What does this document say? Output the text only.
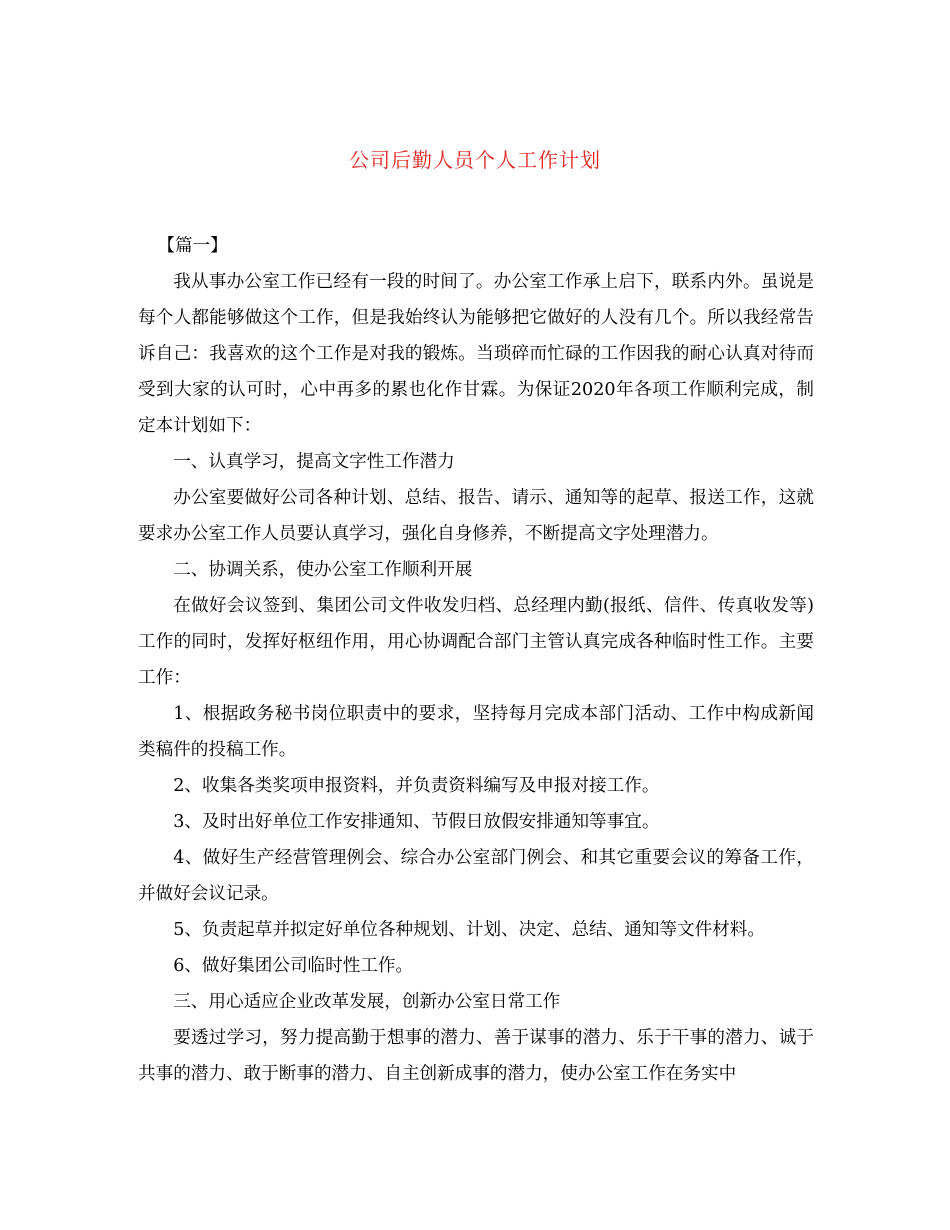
公司后勤人员个人工作计划

【篇一】

我从事办公室工作已经有一段的时间了。办公室工作承上启下，联系内外。虽说是每个人都能够做这个工作，但是我始终认为能够把它做好的人没有几个。所以我经常告诉自己：我喜欢的这个工作是对我的锻炼。当琐碎而忙碌的工作因我的耐心认真对待而受到大家的认可时，心中再多的累也化作甘霖。为保证2020年各项工作顺利完成，制定本计划如下：

一、认真学习，提高文字性工作潜力

办公室要做好公司各种计划、总结、报告、请示、通知等的起草、报送工作，这就要求办公室工作人员要认真学习，强化自身修养，不断提高文字处理潜力。

二、协调关系，使办公室工作顺利开展

在做好会议签到、集团公司文件收发归档、总经理内勤(报纸、信件、传真收发等)工作的同时，发挥好枢纽作用，用心协调配合部门主管认真完成各种临时性工作。主要工作：

1、根据政务秘书岗位职责中的要求，坚持每月完成本部门活动、工作中构成新闻类稿件的投稿工作。

2、收集各类奖项申报资料，并负责资料编写及申报对接工作。

3、及时出好单位工作安排通知、节假日放假安排通知等事宜。

4、做好生产经营管理例会、综合办公室部门例会、和其它重要会议的筹备工作，并做好会议记录。

5、负责起草并拟定好单位各种规划、计划、决定、总结、通知等文件材料。

6、做好集团公司临时性工作。

三、用心适应企业改革发展，创新办公室日常工作

要透过学习，努力提高勤于想事的潜力、善于谋事的潜力、乐于干事的潜力、诚于共事的潜力、敢于断事的潜力、自主创新成事的潜力，使办公室工作在务实中
